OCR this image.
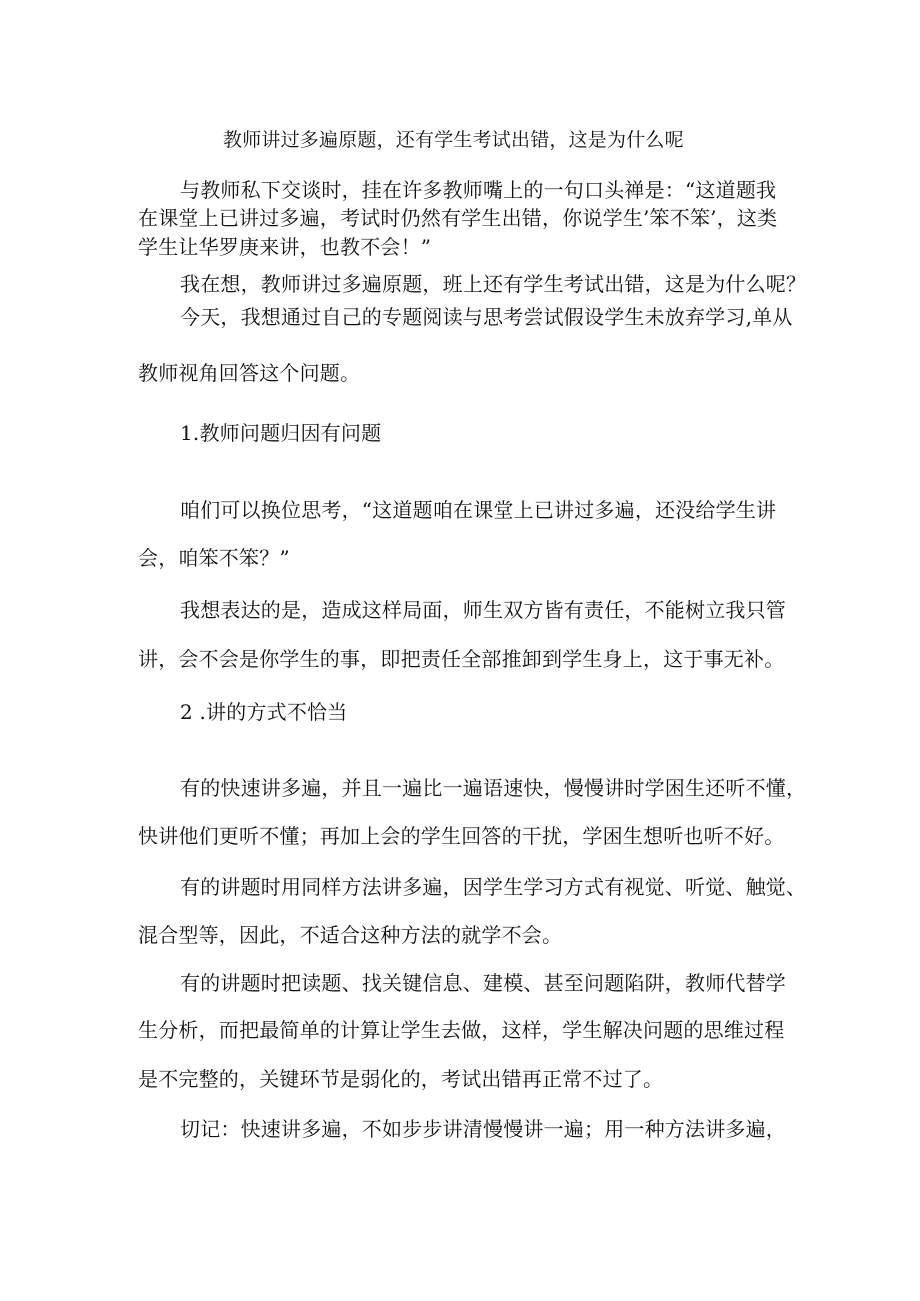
教师讲过多遍原题，还有学生考试出错，这是为什么呢

与教师私下交谈时，挂在许多教师嘴上的一句口头禅是：“这道题我

在课堂上已讲过多遍，考试时仍然有学生出错，你说学生’笨不笨’，这类

学生让华罗庚来讲，也教不会！”

我在想，教师讲过多遍原题，班上还有学生考试出错，这是为什么呢？

今天，我想通过自己的专题阅读与思考尝试假设学生未放弃学习,单从

教师视角回答这个问题。

1.教师问题归因有问题

咱们可以换位思考，“这道题咱在课堂上已讲过多遍，还没给学生讲

会，咱笨不笨？”

我想表达的是，造成这样局面，师生双方皆有责任，不能树立我只管

讲，会不会是你学生的事，即把责任全部推卸到学生身上，这于事无补。

2 .讲的方式不恰当

有的快速讲多遍，并且一遍比一遍语速快，慢慢讲时学困生还听不懂，

快讲他们更听不懂；再加上会的学生回答的干扰，学困生想听也听不好。

有的讲题时用同样方法讲多遍，因学生学习方式有视觉、听觉、触觉、

混合型等，因此，不适合这种方法的就学不会。

有的讲题时把读题、找关键信息、建模、甚至问题陷阱，教师代替学

生分析，而把最简单的计算让学生去做，这样，学生解决问题的思维过程

是不完整的，关键环节是弱化的，考试出错再正常不过了。

切记：快速讲多遍，不如步步讲清慢慢讲一遍；用一种方法讲多遍，
